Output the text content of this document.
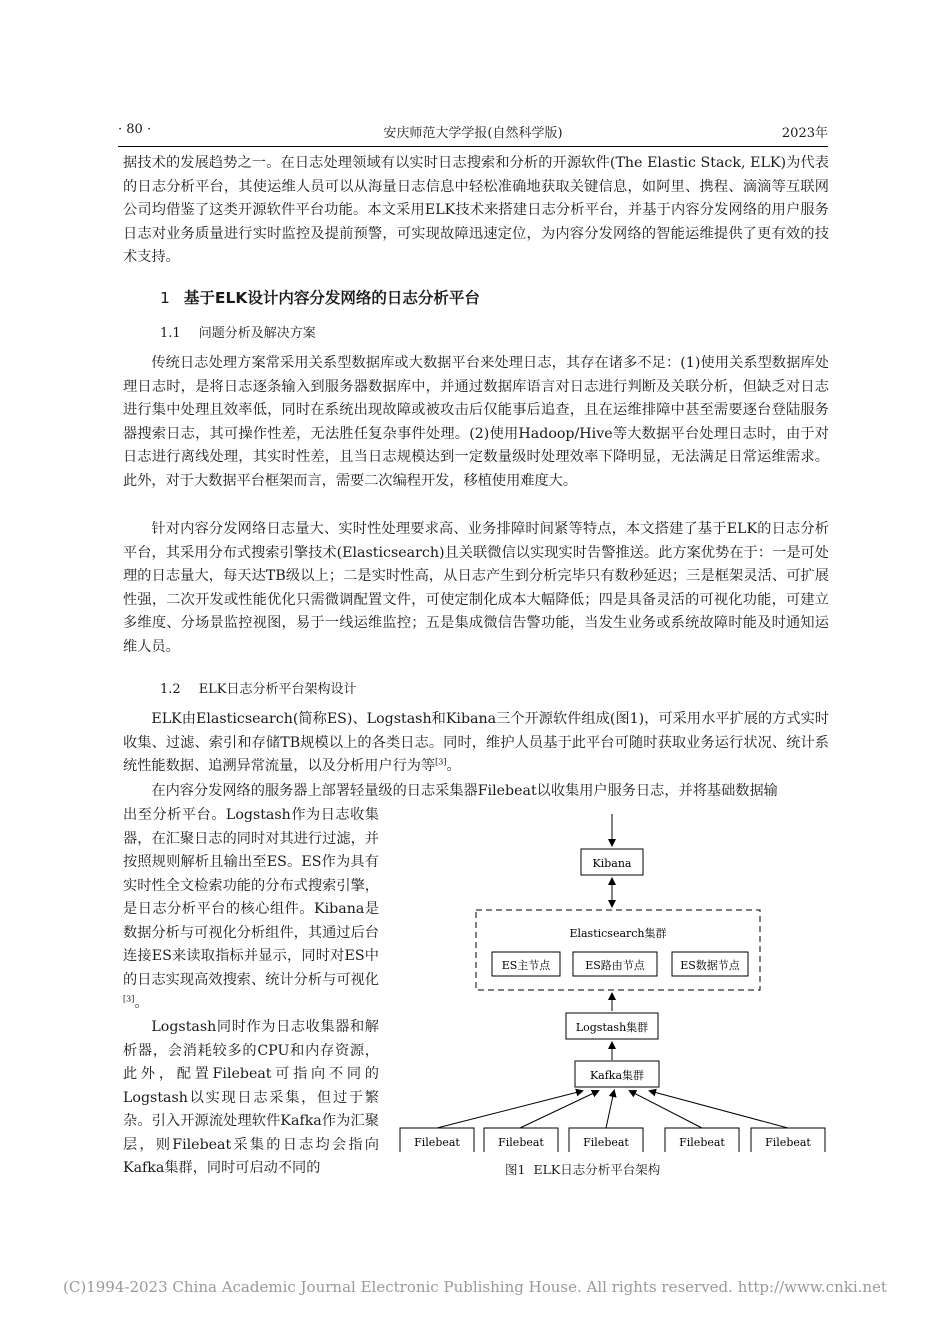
· 80 ·	安庆师范大学学报(自然科学版)	2023年
据技术的发展趋势之一。在日志处理领域有以实时日志搜索和分析的开源软件(The Elastic Stack, ELK)为代表的日志分析平台，其使运维人员可以从海量日志信息中轻松准确地获取关键信息，如阿里、携程、滴滴等互联网公司均借鉴了这类开源软件平台功能。本文采用ELK技术来搭建日志分析平台，并基于内容分发网络的用户服务日志对业务质量进行实时监控及提前预警，可实现故障迅速定位，为内容分发网络的智能运维提供了更有效的技术支持。
1 基于ELK设计内容分发网络的日志分析平台
1.1 问题分析及解决方案
传统日志处理方案常采用关系型数据库或大数据平台来处理日志，其存在诸多不足：(1)使用关系型数据库处理日志时，是将日志逐条输入到服务器数据库中，并通过数据库语言对日志进行判断及关联分析，但缺乏对日志进行集中处理且效率低，同时在系统出现故障或被攻击后仅能事后追查，且在运维排障中甚至需要逐台登陆服务器搜索日志，其可操作性差，无法胜任复杂事件处理。(2)使用Hadoop/Hive等大数据平台处理日志时，由于对日志进行离线处理，其实时性差，且当日志规模达到一定数量级时处理效率下降明显，无法满足日常运维需求。此外，对于大数据平台框架而言，需要二次编程开发，移植使用难度大。
针对内容分发网络日志量大、实时性处理要求高、业务排障时间紧等特点，本文搭建了基于ELK的日志分析平台，其采用分布式搜索引擎技术(Elasticsearch)且关联微信以实现实时告警推送。此方案优势在于：一是可处理的日志量大，每天达TB级以上；二是实时性高，从日志产生到分析完毕只有数秒延迟；三是框架灵活、可扩展性强，二次开发或性能优化只需微调配置文件，可使定制化成本大幅降低；四是具备灵活的可视化功能，可建立多维度、分场景监控视图，易于一线运维监控；五是集成微信告警功能，当发生业务或系统故障时能及时通知运维人员。
1.2 ELK日志分析平台架构设计
ELK由Elasticsearch(简称ES)、Logstash和Kibana三个开源软件组成(图1)，可采用水平扩展的方式实时收集、过滤、索引和存储TB规模以上的各类日志。同时，维护人员基于此平台可随时获取业务运行状况、统计系统性能数据、追溯异常流量，以及分析用户行为等[3]。
在内容分发网络的服务器上部署轻量级的日志采集器Filebeat以收集用户服务日志，并将基础数据输
出至分析平台。Logstash作为日志收集器，在汇聚日志的同时对其进行过滤，并按照规则解析且输出至ES。ES作为具有实时性全文检索功能的分布式搜索引擎，是日志分析平台的核心组件。Kibana是数据分析与可视化分析组件，其通过后台连接ES来读取指标并显示，同时对ES中的日志实现高效搜索、统计分析与可视化[3]。
Logstash同时作为日志收集器和解析器，会消耗较多的CPU和内存资源，此外，配置Filebeat可指向不同的Logstash以实现日志采集，但过于繁杂。引入开源流处理软件Kafka作为汇聚层，则Filebeat采集的日志均会指向Kafka集群，同时可启动不同的
Kibana
Elasticsearch集群
ES主节点	ES路由节点	ES数据节点
Logstash集群
Kafka集群
Filebeat	Filebeat	Filebeat	Filebeat	Filebeat
图1 ELK日志分析平台架构
(C)1994-2023 China Academic Journal Electronic Publishing House. All rights reserved. http://www.cnki.net
